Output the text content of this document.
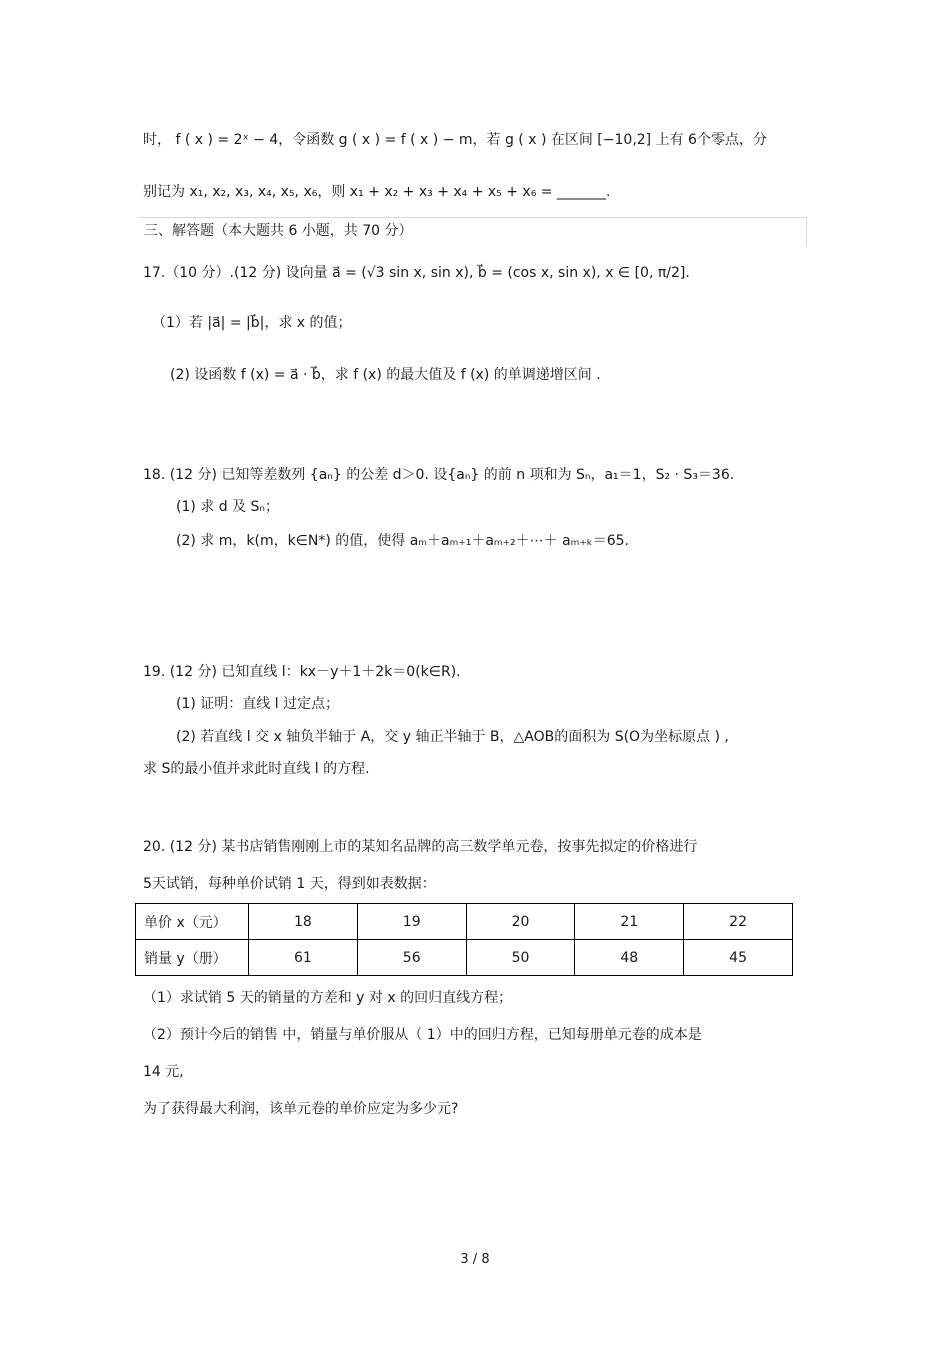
时， f ( x ) = 2ˣ − 4，令函数 g ( x ) = f ( x ) − m，若 g ( x ) 在区间 [−10,2] 上有 6个零点，分
别记为 x₁, x₂, x₃, x₄, x₅, x₆，则 x₁ + x₂ + x₃ + x₄ + x₅ + x₆ = _______.
三、解答题（本大题共 6 小题，共 70 分）
17.（10 分）.(12 分) 设向量 a⃗ = (√3 sin x, sin x), b⃗ = (cos x, sin x), x ∈ [0, π/2].
（1）若 |a⃗| = |b⃗|，求 x 的值；
(2) 设函数 f (x) = a⃗ · b⃗，求 f (x) 的最大值及 f (x) 的单调递增区间 .
18. (12 分) 已知等差数列 {aₙ} 的公差 d＞0. 设{aₙ} 的前 n 项和为 Sₙ，a₁＝1，S₂ · S₃＝36.
(1) 求 d 及 Sₙ；
(2) 求 m，k(m，k∈N*) 的值，使得 aₘ＋aₘ₊₁＋aₘ₊₂＋⋯＋ aₘ₊ₖ＝65.
19. (12 分) 已知直线 l：kx－y＋1＋2k＝0(k∈R).
(1) 证明：直线 l 过定点；
(2) 若直线 l 交 x 轴负半轴于 A，交 y 轴正半轴于 B，△AOB的面积为 S(O为坐标原点 ) ,
求 S的最小值并求此时直线 l 的方程.
20. (12 分) 某书店销售刚刚上市的某知名品牌的高三数学单元卷，按事先拟定的价格进行
5天试销，每种单价试销 1 天，得到如表数据：
单价 x（元）	18	19	20	21	22
销量 y（册）	61	56	50	48	45
（1）求试销 5 天的销量的方差和 y 对 x 的回归直线方程；
（2）预计今后的销售 中，销量与单价服从（ 1）中的回归方程，已知每册单元卷的成本是
14 元,
为了获得最大利润，该单元卷的单价应定为多少元?
3 / 8
